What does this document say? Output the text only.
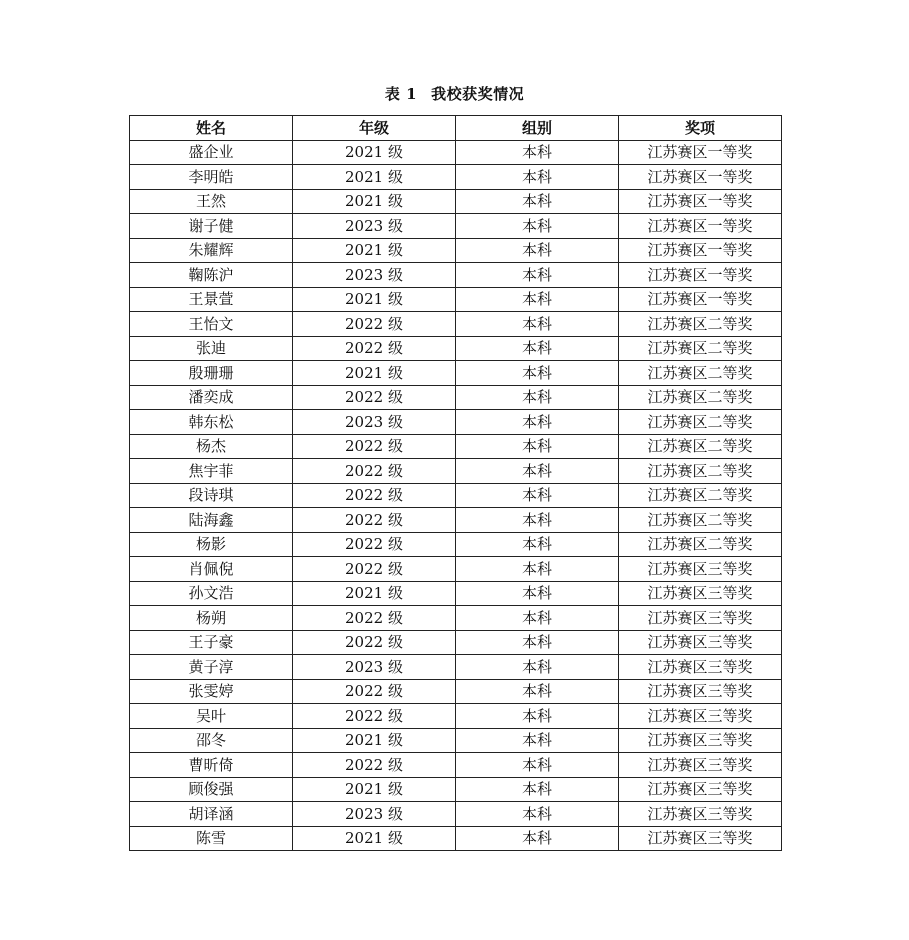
表 1 我校获奖情况
姓名	年级	组别	奖项
盛企业	2021 级	本科	江苏赛区一等奖
李明皓	2021 级	本科	江苏赛区一等奖
王然	2021 级	本科	江苏赛区一等奖
谢子健	2023 级	本科	江苏赛区一等奖
朱耀辉	2021 级	本科	江苏赛区一等奖
鞠陈沪	2023 级	本科	江苏赛区一等奖
王景萱	2021 级	本科	江苏赛区一等奖
王怡文	2022 级	本科	江苏赛区二等奖
张迪	2022 级	本科	江苏赛区二等奖
殷珊珊	2021 级	本科	江苏赛区二等奖
潘奕成	2022 级	本科	江苏赛区二等奖
韩东松	2023 级	本科	江苏赛区二等奖
杨杰	2022 级	本科	江苏赛区二等奖
焦宇菲	2022 级	本科	江苏赛区二等奖
段诗琪	2022 级	本科	江苏赛区二等奖
陆海鑫	2022 级	本科	江苏赛区二等奖
杨影	2022 级	本科	江苏赛区二等奖
肖佩倪	2022 级	本科	江苏赛区三等奖
孙文浩	2021 级	本科	江苏赛区三等奖
杨朔	2022 级	本科	江苏赛区三等奖
王子豪	2022 级	本科	江苏赛区三等奖
黄子淳	2023 级	本科	江苏赛区三等奖
张雯婷	2022 级	本科	江苏赛区三等奖
吴叶	2022 级	本科	江苏赛区三等奖
邵冬	2021 级	本科	江苏赛区三等奖
曹昕倚	2022 级	本科	江苏赛区三等奖
顾俊强	2021 级	本科	江苏赛区三等奖
胡译涵	2023 级	本科	江苏赛区三等奖
陈雪	2021 级	本科	江苏赛区三等奖
